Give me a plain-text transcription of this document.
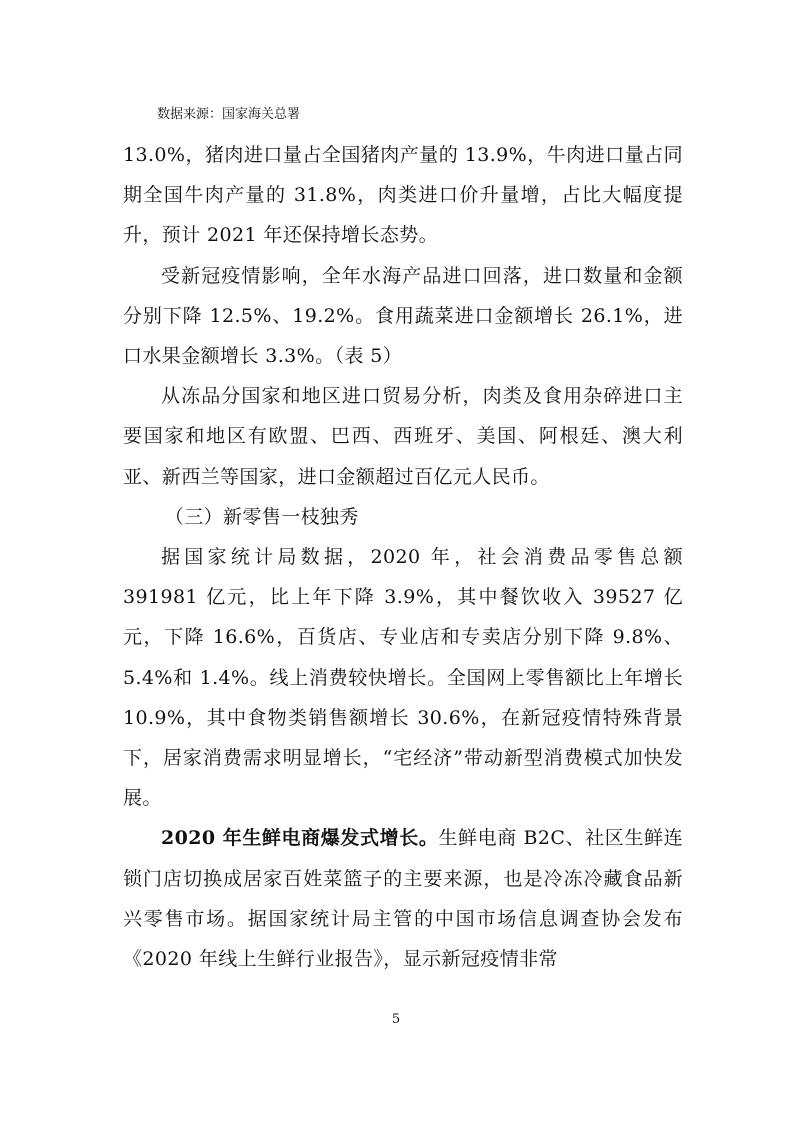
数据来源：国家海关总署

13.0%，猪肉进口量占全国猪肉产量的 13.9%，牛肉进口量占同期全国牛肉产量的 31.8%，肉类进口价升量增，占比大幅度提升，预计 2021 年还保持增长态势。

受新冠疫情影响，全年水海产品进口回落，进口数量和金额分别下降 12.5%、19.2%。食用蔬菜进口金额增长 26.1%，进口水果金额增长 3.3%。（表 5）

从冻品分国家和地区进口贸易分析，肉类及食用杂碎进口主要国家和地区有欧盟、巴西、西班牙、美国、阿根廷、澳大利亚、新西兰等国家，进口金额超过百亿元人民币。

（三）新零售一枝独秀

据国家统计局数据，2020 年，社会消费品零售总额 391981 亿元，比上年下降 3.9%，其中餐饮收入 39527 亿元，下降 16.6%，百货店、专业店和专卖店分别下降 9.8%、5.4%和 1.4%。线上消费较快增长。全国网上零售额比上年增长 10.9%，其中食物类销售额增长 30.6%，在新冠疫情特殊背景下，居家消费需求明显增长，“宅经济”带动新型消费模式加快发展。

2020 年生鲜电商爆发式增长。生鲜电商 B2C、社区生鲜连锁门店切换成居家百姓菜篮子的主要来源，也是冷冻冷藏食品新兴零售市场。据国家统计局主管的中国市场信息调查协会发布《2020 年线上生鲜行业报告》，显示新冠疫情非常

5
